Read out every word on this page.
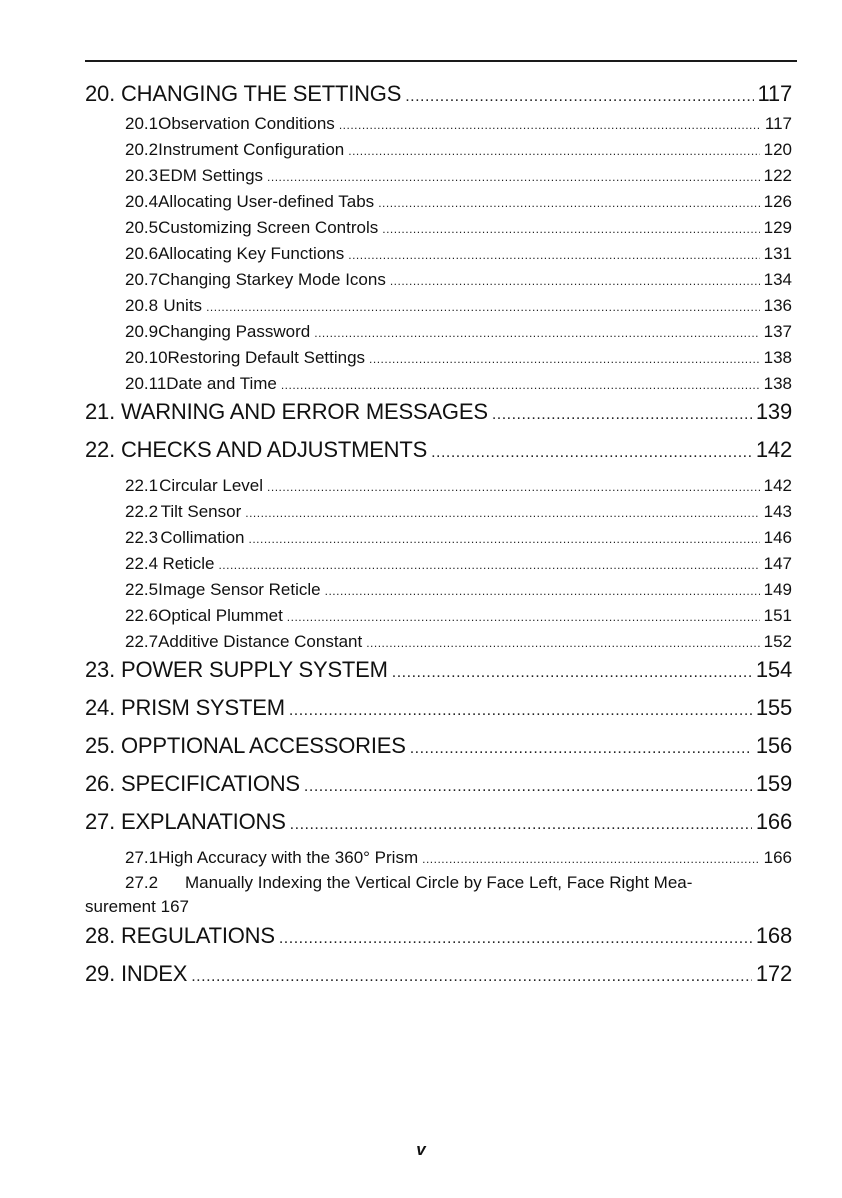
20. CHANGING THE SETTINGS .....	117
20.1 Observation Conditions .....	117
20.2 Instrument Configuration .....	120
20.3 EDM Settings .....	122
20.4 Allocating User-defined Tabs .....	126
20.5 Customizing Screen Controls .....	129
20.6 Allocating Key Functions .....	131
20.7 Changing Starkey Mode Icons .....	134
20.8 Units .....	136
20.9 Changing Password .....	137
20.10 Restoring Default Settings .....	138
20.11 Date and Time .....	138
21. WARNING AND ERROR MESSAGES .....	139
22. CHECKS AND ADJUSTMENTS .....	142
22.1 Circular Level .....	142
22.2 Tilt Sensor .....	143
22.3 Collimation .....	146
22.4 Reticle .....	147
22.5 Image Sensor Reticle .....	149
22.6 Optical Plummet .....	151
22.7 Additive Distance Constant .....	152
23. POWER SUPPLY SYSTEM .....	154
24. PRISM SYSTEM .....	155
25. OPPTIONAL ACCESSORIES .....	156
26. SPECIFICATIONS .....	159
27. EXPLANATIONS .....	166
27.1 High Accuracy with the 360° Prism .....	166
27.2 Manually Indexing the Vertical Circle by Face Left, Face Right Mea-
surement 167
28. REGULATIONS .....	168
29. INDEX .....	172
v
